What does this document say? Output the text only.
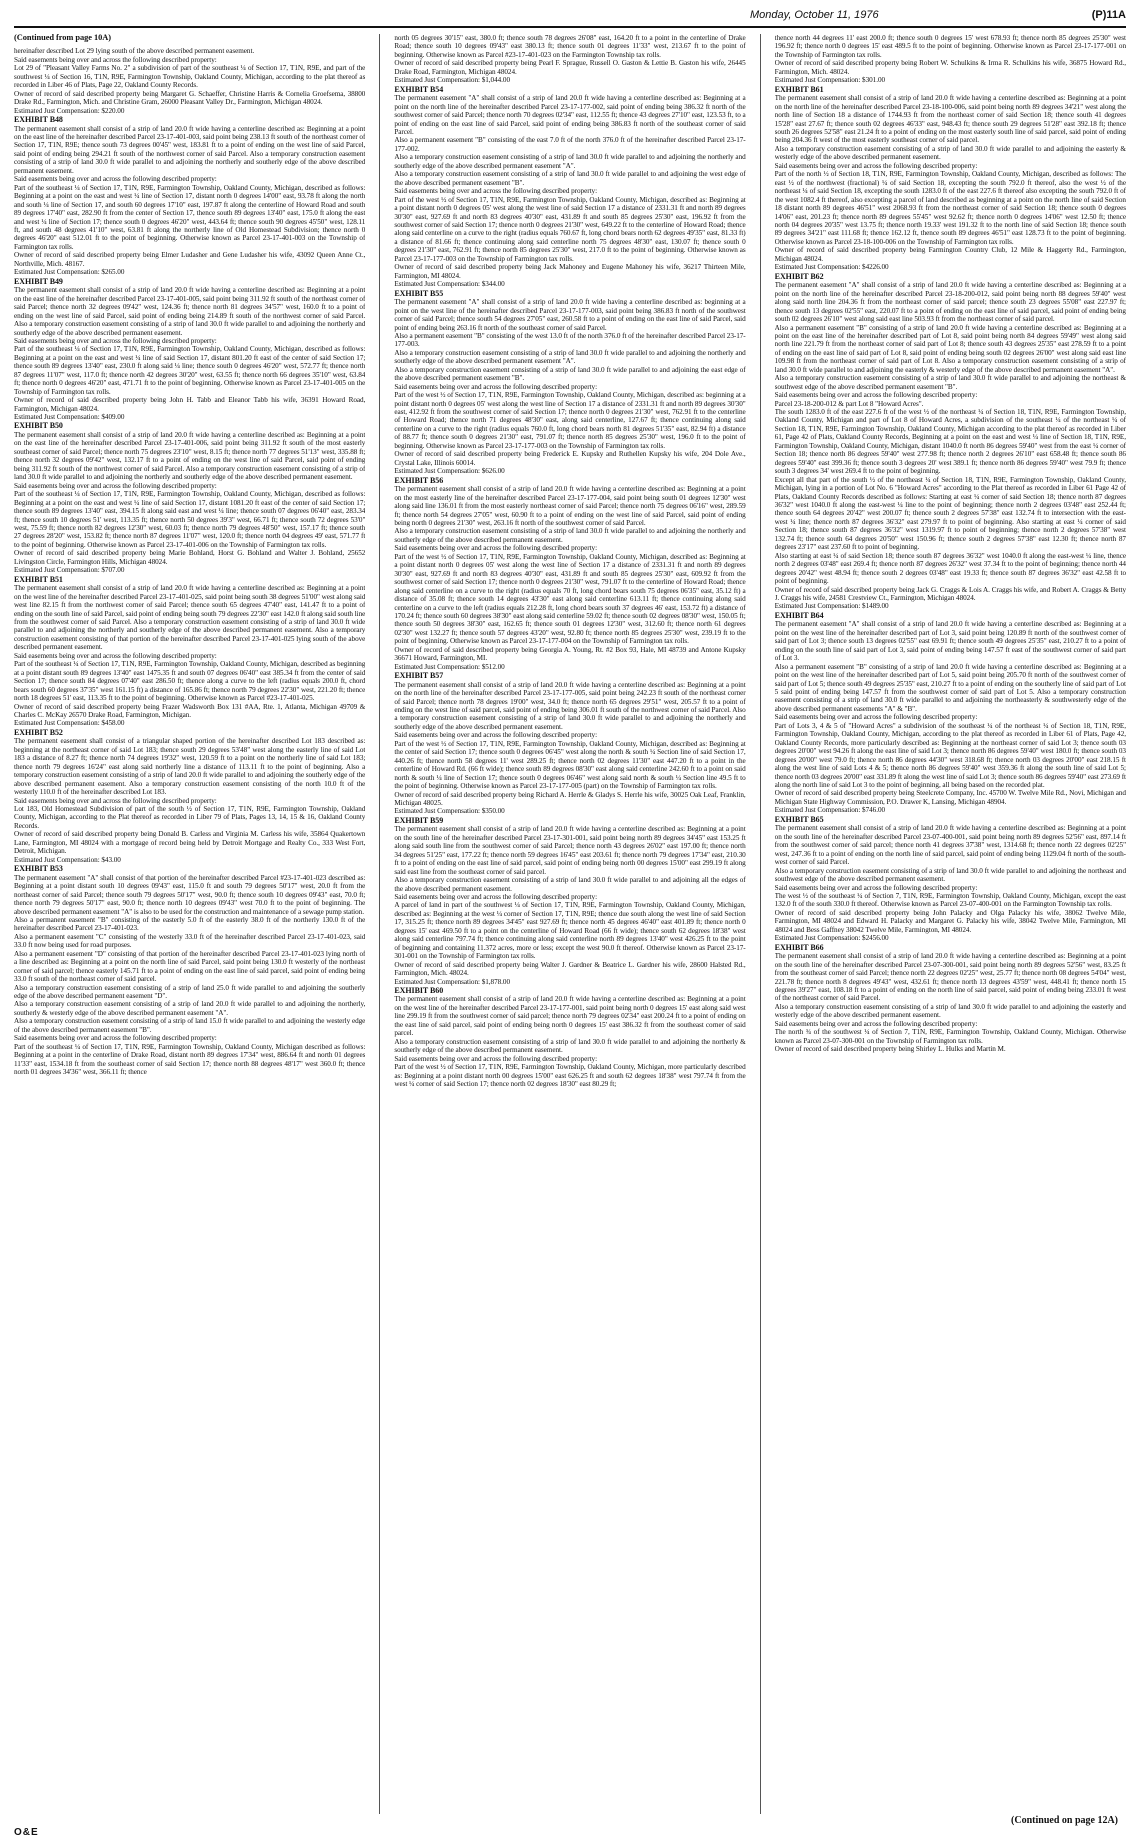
Monday, October 11, 1976	(P)11A

(Continued from page 10A)

hereinafter described Lot 29 lying south of the above described permanent easement.

Said easements being over and across the following described property:

Lot 29 of "Pleasant Valley Farms No. 2" a subdivision of part of the southeast ¼ of Section 17, T1N, R9E, and part of the southwest ¼ of Section 16, T1N, R9E, Farmington Township, Oakland County, Michigan, according to the plat thereof as recorded in Liber 46 of Plats, Page 22, Oakland County Records.

Owner of record of said described property being Margaret G. Schaeffer, Christine Harris & Cornelia Groefsema, 38800 Drake Rd., Farmington, Mich. and Christine Gram, 26000 Pleasant Valley Dr., Farmington, Michigan 48024.

Estimated Just Compensation: $220.00

EXHIBIT B48

The permanent easement shall consist of a strip of land 20.0 ft wide having a centerline described as: Beginning at a point on the east line of the hereinafter described Parcel 23-17-401-003, said point being 238.13 ft south of the northeast corner of Section 17, T1N, R9E; thence south 73 degrees 00'45" west, 183.81 ft to a point of ending on the west line of said Parcel, said point of ending being 294.21 ft south of the northwest corner of said Parcel. Also a temporary construction easement consisting of a strip of land 30.0 ft wide parallel to and adjoining the northerly and southerly edge of the above described permanent easement.

Said easements being over and across the following described property:

Part of the southeast ¼ of Section 17, T1N, R9E, Farmington Township, Oakland County, Michigan, described as follows: Beginning at a point on the east and west ¼ line of Section 17, distant north 0 degrees 14'00" east, 93.78 ft along the north and south ¼ line of Section 17, and south 60 degrees 17'10" east, 197.87 ft along the centerline of Howard Road and south 89 degrees 17'40" east, 282.90 ft from the center of Section 17, thence south 89 degrees 13'40" east, 175.0 ft along the east and west ¼ line of Section 17; thence south 0 degrees 46'20" west, 443.64 ft; thence south 90 degrees 45'50" west, 128.11 ft, and south 48 degrees 41'10" west, 63.81 ft along the northerly line of Old Homestead Subdivision; thence north 0 degrees 46'20" east 512.01 ft to the point of beginning. Otherwise known as Parcel 23-17-401-003 on the Township of Farmington tax rolls.

Owner of record of said described property being Elmer Ludasher and Gene Ludasher his wife, 43092 Queen Anne Ct., Northville, Mich. 48167.

Estimated Just Compensation: $265.00

EXHIBIT B49

The permanent easement shall consist of a strip of land 20.0 ft wide having a centerline described as: Beginning at a point on the east line of the hereinafter described Parcel 23-17-401-005, said point being 311.92 ft south of the northeast corner of said Parcel; thence north 32 degrees 09'42" west, 124.36 ft; thence north 81 degrees 34'57" west, 160.0 ft to a point of ending on the west line of said Parcel, said point of ending being 214.89 ft south of the northwest corner of said Parcel. Also a temporary construction easement consisting of a strip of land 30.0 ft wide parallel to and adjoining the northerly and southerly edge of the above described permanent easement.

Said easements being over and across the following described property:

Part of the southeast ¼ of Section 17, T1N, R9E, Farmington Township, Oakland County, Michigan, described as follows: Beginning at a point on the east and west ¼ line of said Section 17, distant 801.20 ft east of the center of said Section 17; thence south 89 degrees 13'40" east, 230.0 ft along said ¼ line; thence south 0 degrees 46'20" west, 572.77 ft; thence north 87 degrees 11'07" west, 117.0 ft; thence north 42 degrees 30'20" west, 63.55 ft; thence north 66 degrees 35'10" west, 63.84 ft; thence north 0 degrees 46'20" east, 471.71 ft to the point of beginning. Otherwise known as Parcel 23-17-401-005 on the Township of Farmington tax rolls.

Owner of record of said described property being John H. Tabb and Eleanor Tabb his wife, 36391 Howard Road, Farmington, Michigan 48024.

Estimated Just Compensation: $409.00

EXHIBIT B50

The permanent easement shall consist of a strip of land 20.0 ft wide having a centerline described as: Beginning at a point on the east line of the hereinafter described Parcel 23-17-401-006, said point being 311.92 ft south of the most easterly southeast corner of said Parcel; thence north 75 degrees 23'10" west, 8.15 ft; thence north 77 degrees 51'13" west, 335.88 ft; thence north 32 degrees 09'42" west, 132.17 ft to a point of ending on the west line of said Parcel, said point of ending being 311.92 ft south of the northwest corner of said Parcel. Also a temporary construction easement consisting of a strip of land 30.0 ft wide parallel to and adjoining the northerly and southerly edge of the above described permanent easement.

Said easements being over and across the following described property:

Part of the southeast ¼ of Section 17, T1N, R9E, Farmington Township, Oakland County, Michigan, described as follows: Beginning at a point on the east and west ¼ line of said Section 17, distant 1081.20 ft east of the center of said Section 17; thence south 89 degrees 13'40" east, 394.15 ft along said east and west ¼ line; thence south 07 degrees 06'40" east, 283.34 ft; thence south 10 degrees 51' west, 113.35 ft; thence north 50 degrees 39'3" west, 66.71 ft; thence south 72 degrees 53'0" west, 75.59 ft; thence north 82 degrees 12'30" west, 60.03 ft; thence north 79 degrees 48'50" west, 157.17 ft; thence south 27 degrees 28'20" west, 153.82 ft; thence north 87 degrees 11'07" west, 120.0 ft; thence north 04 degrees 49' east, 571.77 ft to the point of beginning. Otherwise known as Parcel 23-17-401-006 on the Township of Farmington tax rolls.

Owner of record of said described property being Marie Bohland, Horst G. Bohland and Walter J. Bohland, 25652 Livingston Circle, Farmington Hills, Michigan 48024.

Estimated Just Compensation: $707.00

EXHIBIT B51

The permanent easement shall consist of a strip of land 20.0 ft wide having a centerline described as: Beginning at a point on the west line of the hereinafter described Parcel 23-17-401-025, said point being south 38 degrees 51'00" west along said west line 82.15 ft from the northwest corner of said Parcel; thence south 65 degrees 47'40" east, 141.47 ft to a point of ending on the south line of said Parcel, said point of ending being south 79 degrees 22'30" east 142.0 ft along said south line from the southwest corner of said Parcel. Also a temporary construction easement consisting of a strip of land 30.0 ft wide parallel to and adjoining the northerly and southerly edge of the above described permanent easement. Also a temporary construction easement consisting of that portion of the hereinafter described Parcel 23-17-401-025 lying south of the above described permanent easement.

Said easements being over and across the following described property:

Part of the southeast ¼ of Section 17, T1N, R9E, Farmington Township, Oakland County, Michigan, described as beginning at a point distant south 89 degrees 13'40" east 1475.35 ft and south 07 degrees 06'40" east 385.34 ft from the center of said Section 17; thence south 84 degrees 07'40" east 286.50 ft; thence along a curve to the left (radius equals 200.0 ft, chord bears south 60 degrees 37'35" west 161.15 ft) a distance of 165.86 ft; thence north 79 degrees 22'30" west, 221.20 ft; thence north 18 degrees 51' east, 113.35 ft to the point of beginning. Otherwise known as Parcel #23-17-401-025.

Owner of record of said described property being Frazer Wadsworth Box 131 #AA, Rte. 1, Atlanta, Michigan 49709 & Charles C. McKay 26570 Drake Road, Farmington, Michigan.

Estimated Just Compensation: $458.00

EXHIBIT B52

The permanent easement shall consist of a triangular shaped portion of the hereinafter described Lot 183 described as: beginning at the northeast corner of said Lot 183; thence south 29 degrees 53'48" west along the easterly line of said Lot 183 a distance of 8.27 ft; thence north 74 degrees 19'32" west, 120.59 ft to a point on the northerly line of said Lot 183; thence north 79 degrees 16'24" east along said northerly line a distance of 113.11 ft to the point of beginning. Also a temporary construction easement consisting of a strip of land 20.0 ft wide parallel to and adjoining the southerly edge of the above described permanent easement. Also a temporary construction easement consisting of the north 10.0 ft of the westerly 110.0 ft of the hereinafter described Lot 183.

Said easements being over and across the following described property:

Lot 183, Old Homestead Subdivision of part of the south ½ of Section 17, T1N, R9E, Farmington Township, Oakland County, Michigan, according to the Plat thereof as recorded in Liber 79 of Plats, Pages 13, 14, 15 & 16, Oakland County Records.

Owner of record of said described property being Donald B. Carless and Virginia M. Carless his wife, 35864 Quakertown Lane, Farmington, MI 48024 with a mortgage of record being held by Detroit Mortgage and Realty Co., 333 West Fort, Detroit, Michigan.

Estimated Just Compensation: $43.00

EXHIBIT B53

The permanent easement "A" shall consist of that portion of the hereinafter described Parcel #23-17-401-023 described as: Beginning at a point distant south 10 degrees 09'43" east, 115.0 ft and south 79 degrees 50'17" west, 20.0 ft from the northeast corner of said Parcel; thence south 79 degrees 50'17" west, 90.0 ft; thence south 10 degrees 09'43" east, 70.0 ft; thence north 79 degrees 50'17" east, 90.0 ft; thence north 10 degrees 09'43" west 70.0 ft to the point of beginning. The above described permanent easement "A" is also to be used for the construction and maintenance of a sewage pump station.

Also a permanent easement "B" consisting of the easterly 5.0 ft of the easterly 38.0 ft of the northerly 130.0 ft of the hereinafter described Parcel 23-17-401-023.

Also a permanent easement "C" consisting of the westerly 33.0 ft of the hereinafter described Parcel 23-17-401-023, said 33.0 ft now being used for road purposes.

Also a permanent easement "D" consisting of that portion of the hereinafter described Parcel 23-17-401-023 lying north of a line described as: Beginning at a point on the north line of said Parcel, said point being 130.0 ft westerly of the northeast corner of said parcel; thence easterly 145.71 ft to a point of ending on the east line of said parcel, said point of ending being 33.0 ft south of the northeast corner of said parcel.

Also a temporary construction easement consisting of a strip of land 25.0 ft wide parallel to and adjoining the southerly edge of the above described permanent easement "D".

Also a temporary construction easement consisting of a strip of land 20.0 ft wide parallel to and adjoining the northerly, southerly & westerly edge of the above described permanent easement "A".

Also a temporary construction easement consisting of a strip of land 15.0 ft wide parallel to and adjoining the westerly edge of the above described permanent easement "B".

Said easements being over and across the following described property:

Part of the southeast ¼ of Section 17, T1N, R9E, Farmington Township, Oakland County, Michigan described as follows: Beginning at a point in the centerline of Drake Road, distant north 89 degrees 17'34" west, 886.64 ft and north 01 degrees 11'33" east, 1534.18 ft from the southeast corner of said Section 17; thence north 88 degrees 48'17" west 360.0 ft; thence north 01 degrees 34'36" west, 366.11 ft; thence

north 05 degrees 30'15" east, 380.0 ft; thence south 78 degrees 26'08" east, 164.20 ft to a point in the centerline of Drake Road; thence south 10 degrees 09'43" east 380.13 ft; thence south 01 degrees 11'33" west, 213.67 ft to the point of beginning. Otherwise known as Parcel #23-17-401-023 on the Farmington Township tax rolls.

Owner of record of said described property being Pearl F. Sprague, Russell O. Gaston & Lettie B. Gaston his wife, 26445 Drake Road, Farmington, Michigan 48024.

Estimated Just Compensation: $1,044.00

EXHIBIT B54

The permanent easement "A" shall consist of a strip of land 20.0 ft wide having a centerline described as: Beginning at a point on the north line of the hereinafter described Parcel 23-17-177-002, said point of ending being 386.32 ft north of the southwest corner of said Parcel; thence north 70 degrees 02'34" east, 112.55 ft; thence 43 degrees 27'10" east, 123.53 ft, to a point of ending on the east line of said Parcel, said point of ending being 386.83 ft north of the southeast corner of said Parcel.

Also a permanent easement "B" consisting of the east 7.0 ft of the north 376.0 ft of the hereinafter described Parcel 23-17-177-002.

Also a temporary construction easement consisting of a strip of land 30.0 ft wide parallel to and adjoining the northerly and southerly edge of the above described permanent easement "A".

Also a temporary construction easement consisting of a strip of land 30.0 ft wide parallel to and adjoining the west edge of the above described permanent easement "B".

Said easements being over and across the following described property:

Part of the west ½ of Section 17, T1N, R9E, Farmington Township, Oakland County, Michigan, described as: Beginning at a point distant north 0 degrees 05' west along the west line of said Section 17 a distance of 2331.31 ft and north 89 degrees 30'30" east, 927.69 ft and north 83 degrees 40'30" east, 431.89 ft and south 85 degrees 25'30" east, 196.92 ft from the southwest corner of said Section 17; thence north 0 degrees 21'30" west, 649.22 ft to the centerline of Howard Road; thence along said centerline on a curve to the right (radius equals 760.67 ft, long chord bears north 62 degrees 49'35" east, 81.33 ft) a distance of 81.66 ft; thence continuing along said centerline north 75 degrees 48'30" east, 130.07 ft; thence south 0 degrees 21'30" east, 762.91 ft; thence north 85 degrees 25'30" west, 217.0 ft to the point of beginning. Otherwise known as Parcel 23-17-177-003 on the Township of Farmington tax rolls.

Owner of record of said described property being Jack Mahoney and Eugene Mahoney his wife, 36217 Thirteen Mile, Farmington, MI 48024.

Estimated Just Compensation: $344.00

EXHIBIT B55

The permanent easement "A" shall consist of a strip of land 20.0 ft wide having a centerline described as: beginning at a point on the west line of the hereinafter described Parcel 23-17-177-003, said point being 386.83 ft north of the southwest corner of said Parcel; thence south 54 degrees 27'05" east, 260.58 ft to a point of ending on the east line of said Parcel, said point of ending being 263.16 ft north of the southeast corner of said Parcel.

Also a permanent easement "B" consisting of the west 13.0 ft of the north 376.0 ft of the hereinafter described Parcel 23-17-177-003.

Also a temporary construction easement consisting of a strip of land 30.0 ft wide parallel to and adjoining the northerly and southerly edge of the above described permanent easement "A".

Also a temporary construction easement consisting of a strip of land 30.0 ft wide parallel to and adjoining the east edge of the above described permanent easement "B".

Said easements being over and across the following described property:

Part of the west ½ of Section 17, T1N, R9E, Farmington Township, Oakland County, Michigan, described as: beginning at a point distant north 0 degrees 05' west along the west line of Section 17 a distance of 2331.31 ft and north 89 degrees 30'30" east, 412.92 ft from the southwest corner of said Section 17; thence north 0 degrees 21'30" west, 762.91 ft to the centerline of Howard Road; thence north 71 degrees 48'30" east, along said centerline, 127.67 ft; thence continuing along said centerline on a curve to the right (radius equals 760.0 ft, long chord bears north 81 degrees 51'35" east, 82.94 ft) a distance of 88.77 ft; thence south 0 degrees 21'30" east, 791.07 ft; thence north 85 degrees 25'30" west, 196.0 ft to the point of beginning. Otherwise known as Parcel 23-17-177-003 on the Township of Farmington tax rolls.

Owner of record of said described property being Frederick E. Kupsky and Ruthellen Kupsky his wife, 204 Dole Ave., Crystal Lake, Illinois 60014.

Estimated Just Compensation: $626.00

EXHIBIT B56

The permanent easement shall consist of a strip of land 20.0 ft wide having a centerline described as: Beginning at a point on the most easterly line of the hereinafter described Parcel 23-17-177-004, said point being south 01 degrees 12'30" west along said line 136.01 ft from the most easterly northeast corner of said Parcel; thence north 75 degrees 06'16" west, 289.59 ft; thence north 54 degrees 27'05" west, 60.90 ft to a point of ending on the west line of said Parcel, said point of ending being north 0 degrees 21'30" west, 263.16 ft north of the southwest corner of said Parcel.

Also a temporary construction easement consisting of a strip of land 30.0 ft wide parallel to and adjoining the northerly and southerly edge of the above described permanent easement.

Said easements being over and across the following described property:

Part of the west ½ of Section 17, T1N, R9E, Farmington Township, Oakland County, Michigan, described as: Beginning at a point distant north 0 degrees 05' west along the west line of Section 17 a distance of 2331.31 ft and north 89 degrees 30'30" east, 927.69 ft and north 83 degrees 40'30" east, 431.89 ft and south 85 degrees 25'30" east, 609.92 ft from the southwest corner of said Section 17; thence north 0 degrees 21'30" west, 791.07 ft to the centerline of Howard Road; thence along said centerline on a curve to the right (radius equals 70 ft, long chord bears south 75 degrees 06'35" east, 35.12 ft) a distance of 35.08 ft; thence south 14 degrees 43'30" east along said centerline 613.11 ft; thence continuing along said centerline on a curve to the left (radius equals 212.28 ft, long chord bears south 37 degrees 46' east, 153.72 ft) a distance of 170.24 ft; thence south 60 degrees 38'30" east along said centerline 59.02 ft; thence south 02 degrees 08'30" west, 150.05 ft; thence south 50 degrees 38'30" east, 162.65 ft; thence south 01 degrees 12'30" west, 312.60 ft; thence north 61 degrees 02'30" west 132.27 ft; thence south 57 degrees 43'20" west, 92.80 ft; thence north 85 degrees 25'30" west, 239.19 ft to the point of beginning. Otherwise known as Parcel 23-17-177-004 on the Township of Farmington tax rolls.

Owner of record of said described property being Georgia A. Young, Rt. #2 Box 93, Hale, MI 48739 and Antone Kupsky 36671 Howard, Farmington, MI.

Estimated Just Compensation: $512.00

EXHIBIT B57

The permanent easement shall consist of a strip of land 20.0 ft wide having a centerline described as: Beginning at a point on the north line of the hereinafter described Parcel 23-17-177-005, said point being 242.23 ft south of the northeast corner of said Parcel; thence north 78 degrees 19'00" west, 34.0 ft; thence north 65 degrees 29'51" west, 205.57 ft to a point of ending on the west line of said parcel, said point of ending being 306.01 ft south of the northwest corner of said Parcel. Also a temporary construction easement consisting of a strip of land 30.0 ft wide parallel to and adjoining the northerly and southerly edge of the above described permanent easement.

Said easements being over and across the following described property:

Part of the west ½ of Section 17, T1N, R9E, Farmington Township, Oakland County, Michigan, described as: Beginning at the center of said Section 17; thence south 0 degrees 06'45" west along the north & south ¼ Section line of said Section 17, 440.26 ft; thence north 58 degrees 11' west 289.25 ft; thence north 02 degrees 11'30" east 447.20 ft to a point in the centerline of Howard Rd. (66 ft wide); thence south 89 degrees 08'30" east along said centerline 242.60 ft to a point on said north & south ¼ line of Section 17; thence south 0 degrees 06'46" west along said north & south ¼ Section line 49.5 ft to the point of beginning. Otherwise known as Parcel 23-17-177-005 (part) on the Township of Farmington tax rolls.

Owner of record of said described property being Richard A. Herrle & Gladys S. Herrle his wife, 30025 Oak Leaf, Franklin, Michigan 48025.

Estimated Just Compensation: $350.00

EXHIBIT B59

The permanent easement shall consist of a strip of land 20.0 ft wide having a centerline described as: Beginning at a point on the south line of the hereinafter described Parcel 23-17-301-001, said point being north 89 degrees 34'45" east 153.25 ft along said south line from the southwest corner of said Parcel; thence north 43 degrees 26'02" east 197.00 ft; thence north 34 degrees 51'25" east, 177.22 ft; thence north 59 degrees 16'45" east 203.61 ft; thence north 79 degrees 17'34" east, 210.30 ft to a point of ending on the east line of said parcel, said point of ending being north 00 degrees 15'00" east 299.19 ft along said east line from the southeast corner of said parcel.

Also a temporary construction easement consisting of a strip of land 30.0 ft wide parallel to and adjoining all the edges of the above described permanent easement.

Said easements being over and across the following described property:

A parcel of land in part of the southwest ¼ of Section 17, T1N, R9E, Farmington Township, Oakland County, Michigan, described as: Beginning at the west ¼ corner of Section 17, T1N, R9E; thence due south along the west line of said Section 17, 315.25 ft; thence north 89 degrees 34'45" east 927.69 ft; thence north 45 degrees 46'40" east 401.89 ft; thence north 0 degrees 15' east 469.50 ft to a point on the centerline of Howard Road (66 ft wide); thence south 62 degrees 18'38" west along said centerline 797.74 ft; thence continuing along said centerline north 89 degrees 13'40" west 426.25 ft to the point of beginning and containing 11.372 acres, more or less; except the west 90.0 ft thereof. Otherwise known as Parcel 23-17-301-001 on the Township of Farmington tax rolls.

Owner of record of said described property being Walter J. Gardner & Beatrice L. Gardner his wife, 28600 Halsted Rd., Farmington, Mich. 48024.

Estimated Just Compensation: $1,878.00

EXHIBIT B60

The permanent easement shall consist of a strip of land 20.0 ft wide having a centerline described as: Beginning at a point on the west line of the hereinafter described Parcel 23-17-177-001, said point being north 0 degrees 15' east along said west line 299.19 ft from the southwest corner of said parcel; thence north 79 degrees 02'34" east 200.24 ft to a point of ending on the east line of said parcel, said point of ending being north 0 degrees 15' east 386.32 ft from the southeast corner of said parcel.

Also a temporary construction easement consisting of a strip of land 30.0 ft wide parallel to and adjoining the northerly & southerly edge of the above described permanent easement.

Said easements being over and across the following described property:

Part of the west ½ of Section 17, T1N, R9E, Farmington Township, Oakland County, Michigan, more particularly described as: Beginning at a point distant north 00 degrees 15'00" east 626.25 ft and south 62 degrees 18'38" west 797.74 ft from the west ¼ corner of said Section 17; thence north 02 degrees 18'30" east 80.29 ft;

thence north 44 degrees 11' east 200.0 ft; thence south 0 degrees 15' west 678.93 ft; thence north 85 degrees 25'30" west 196.92 ft; thence north 0 degrees 15' east 489.5 ft to the point of beginning. Otherwise known as Parcel 23-17-177-001 on the Township of Farmington tax rolls.

Owner of record of said described property being Robert W. Schulkins & Irma R. Schulkins his wife, 36875 Howard Rd., Farmington, Mich. 48024.

Estimated Just Compensation: $301.00

EXHIBIT B61

The permanent easement shall consist of a strip of land 20.0 ft wide having a centerline described as: Beginning at a point on the north line of the hereinafter described Parcel 23-18-100-006, said point being north 89 degrees 34'21" west along the north line of Section 18 a distance of 1744.93 ft from the northeast corner of said Section 18; thence south 41 degrees 15'28" east 27.67 ft; thence south 02 degrees 46'33" east, 948.43 ft; thence south 29 degrees 51'28" east 392.18 ft; thence south 26 degrees 52'58" east 21.24 ft to a point of ending on the most easterly south line of said parcel, said point of ending being 204.36 ft west of the most easterly southeast corner of said parcel.

Also a temporary construction easement consisting of a strip of land 30.0 ft wide parallel to and adjoining the easterly & westerly edge of the above described permanent easement.

Said easements being over and across the following described property:

Part of the north ½ of Section 18, T1N, R9E, Farmington Township, Oakland County, Michigan, described as follows: The east ½ of the northwest (fractional) ¼ of said Section 18, excepting the south 792.0 ft thereof, also the west ½ of the northeast ¼ of said Section 18, excepting the south 1283.0 ft of the east 227.6 ft thereof also excepting the south 792.0 ft of the west 1082.4 ft thereof, also excepting a parcel of land described as beginning at a point on the north line of said Section 18 distant north 89 degrees 46'51" west 2068.93 ft from the northeast corner of said Section 18; thence south 0 degrees 14'06" east, 201.23 ft; thence north 89 degrees 55'45" west 92.62 ft; thence north 0 degrees 14'06" west 12.50 ft; thence north 04 degrees 20'35" west 13.75 ft; thence north 19.33' west 191.32 ft to the north line of said Section 18; thence south 89 degrees 34'21" east 111.68 ft; thence 162.12 ft, thence south 89 degrees 46'51" east 128.73 ft to the point of beginning. Otherwise known as Parcel 23-18-100-006 on the Township of Farmington tax rolls.

Owner of record of said described property being Farmington Country Club, 12 Mile & Haggerty Rd., Farmington, Michigan 48024.

Estimated Just Compensation: $4226.00

EXHIBIT B62

The permanent easement "A" shall consist of a strip of land 20.0 ft wide having a centerline described as: Beginning at a point on the north line of the hereinafter described Parcel 23-18-200-012, said point being north 88 degrees 59'40" west along said north line 204.36 ft from the northeast corner of said parcel; thence south 23 degrees 55'08" east 227.97 ft; thence south 13 degrees 02'55" east, 220.07 ft to a point of ending on the east line of said parcel, said point of ending being south 02 degrees 26'10" west along said east line 503.93 ft from the northeast corner of said parcel.

Also a permanent easement "B" consisting of a strip of land 20.0 ft wide having a centerline described as: Beginning at a point on the east line of the hereinafter described part of Lot 8, said point being north 84 degrees 59'49" west along said north line 221.79 ft from the northeast corner of said part of Lot 8; thence south 43 degrees 25'35" east 278.59 ft to a point of ending on the east line of said part of Lot 8, said point of ending being south 02 degrees 26'00" west along said east line 109.98 ft from the northeast corner of said part of Lot 8. Also a temporary construction easement consisting of a strip of land 30.0 ft wide parallel to and adjoining the easterly & westerly edge of the above described permanent easement "A".

Also a temporary construction easement consisting of a strip of land 30.0 ft wide parallel to and adjoining the northeast & southwest edge of the above described permanent easement "B".

Said easements being over and across the following described property:

Parcel 23-18-200-012 & part Lot 8 "Howard Acres".

The south 1283.0 ft of the east 227.6 ft of the west ½ of the northeast ¼ of Section 18, T1N, R9E, Farmington Township, Oakland County, Michigan and part of Lot 8 of Howard Acres, a subdivision of the southeast ¼ of the northeast ¼ of Section 18, T1N, R9E, Farmington Township, Oakland County, Michigan according to the plat thereof as recorded in Liber 61, Page 42 of Plats, Oakland County Records, Beginning at a point on the east and west ¼ line of Section 18, T1N, R9E, Farmington Township, Oakland County, Michigan, distant 1040.0 ft north 86 degrees 59'40" west from the east ¼ corner of Section 18; thence north 86 degrees 59'40" west 277.98 ft; thence north 2 degrees 26'10" east 658.48 ft; thence south 86 degrees 59'40" east 399.36 ft; thence south 3 degrees 20' west 389.1 ft; thence north 86 degrees 59'40" west 79.9 ft; thence south 3 degrees 34' west 269.4 ft to the point of beginning.

Except all that part of the south ½ of the northeast ¼ of Section 18, T1N, R9E, Farmington Township, Oakland County, Michigan, lying in a portion of Lot No. 6 "Howard Acres" according to the Plat thereof as recorded in Liber 61 Page 42 of Plats, Oakland County Records described as follows: Starting at east ¼ corner of said Section 18; thence north 87 degrees 36'32" west 1040.0 ft along the east-west ¼ line to the point of beginning; thence north 2 degrees 03'48" east 252.44 ft; thence south 64 degrees 20'42" west 200.07 ft; thence south 2 degrees 57'38" east 132.74 ft to intersection with the east-west ¼ line; thence north 87 degrees 36'32" east 279.97 ft to point of beginning. Also starting at east ¼ corner of said Section 18; thence south 87 degrees 36'32" west 1319.97 ft to point of beginning; thence north 2 degrees 57'38" west 132.74 ft; thence south 64 degrees 20'50" west 150.96 ft; thence south 2 degrees 57'38" east 12.30 ft; thence north 87 degrees 23'17" east 237.60 ft to point of beginning.

Also starting at east ¼ of said Section 18; thence south 87 degrees 36'32" west 1040.0 ft along the east-west ¼ line, thence north 2 degrees 03'48" east 269.4 ft; thence north 87 degrees 26'32" west 37.34 ft to the point of beginning; thence north 44 degrees 20'42" west 48.94 ft; thence south 2 degrees 03'48" east 19.33 ft; thence south 87 degrees 36'32" east 42.58 ft to point of beginning.

Owner of record of said described property being Jack G. Craggs & Lois A. Craggs his wife, and Robert A. Craggs & Betty J. Craggs his wife, 24581 Crestview Ct., Farmington, Michigan 48024.

Estimated Just Compensation: $1489.00

EXHIBIT B64

The permanent easement "A" shall consist of a strip of land 20.0 ft wide having a centerline described as: Beginning at a point on the west line of the hereinafter described part of Lot 3, said point being 120.89 ft north of the southwest corner of said part of Lot 3; thence south 13 degrees 02'55" east 69.91 ft; thence south 49 degrees 25'35" east, 210.27 ft to a point of ending on the south line of said part of Lot 3, said point of ending being 147.57 ft east of the southwest corner of said part of Lot 3.

Also a permanent easement "B" consisting of a strip of land 20.0 ft wide having a centerline described as: Beginning at a point on the west line of the hereinafter described part of Lot 5, said point being 205.70 ft north of the southwest corner of said part of Lot 5; thence south 49 degrees 25'35" east, 210.27 ft to a point of ending on the southerly line of said part of Lot 5 said point of ending being 147.57 ft from the southwest corner of said part of Lot 5. Also a temporary construction easement consisting of a strip of land 30.0 ft wide parallel to and adjoining the northeasterly & southwesterly edge of the above described permanent easements "A" & "B".

Said easements being over and across the following described property:

Part of Lots 3, 4 & 5 of "Howard Acres" a subdivision of the southeast ¼ of the northeast ¼ of Section 18, T1N, R9E, Farmington Township, Oakland County, Michigan, according to the plat thereof as recorded in Liber 61 of Plats, Page 42, Oakland County Records, more particularly described as: Beginning at the northeast corner of said Lot 3; thence south 03 degrees 20'00" west 94.26 ft along the east line of said Lot 3; thence north 86 degrees 59'40" west 180.0 ft; thence south 03 degrees 20'00" west 79.0 ft; thence north 86 degrees 44'30" west 318.68 ft; thence north 03 degrees 20'00" east 218.15 ft along the west line of said Lots 4 & 5; thence north 86 degrees 59'40" west 359.36 ft along the south line of said Lot 5; thence north 03 degrees 20'00" east 331.89 ft along the west line of said Lot 3; thence south 86 degrees 59'40" east 273.69 ft along the north line of said Lot 3 to the point of beginning, all being based on the recorded plat.

Owner of record of said described property being Steelcrete Company, Inc. 45700 W. Twelve Mile Rd., Novi, Michigan and Michigan State Highway Commission, P.O. Drawer K, Lansing, Michigan 48904.

Estimated Just Compensation: $746.00

EXHIBIT B65

The permanent easement shall consist of a strip of land 20.0 ft wide having a centerline described as: Beginning at a point on the south line of the hereinafter described Parcel 23-07-400-001, said point being north 89 degrees 52'56" east, 897.14 ft from the southwest corner of said parcel; thence north 41 degrees 37'38" west, 1314.68 ft; thence north 22 degrees 02'25" west, 247.36 ft to a point of ending on the north line of said parcel, said point of ending being 1129.04 ft north of the south-west corner of said Parcel.

Also a temporary construction easement consisting of a strip of land 30.0 ft wide parallel to and adjoining the northeast and southwest edge of the above described permanent easement.

Said easements being over and across the following described property:

The west ½ of the southeast ¼ of Section 7, T1N, R9E, Farmington Township, Oakland County, Michigan, except the east 132.0 ft of the south 330.0 ft thereof. Otherwise known as Parcel 23-07-400-001 on the Farmington Township tax rolls.

Owner of record of said described property being John Palacky and Olga Palacky his wife, 38062 Twelve Mile, Farmington, MI 48024 and Edward H. Palacky and Margaret G. Palacky his wife, 38042 Twelve Mile, Farmington, MI 48024 and Bess Gaffney 38042 Twelve Mile, Farmington, MI 48024.

Estimated Just Compensation: $2456.00

EXHIBIT B66

The permanent easement shall consist of a strip of land 20.0 ft wide having a centerline described as: Beginning at a point on the south line of the hereinafter described Parcel 23-07-300-001, said point being north 89 degrees 52'56" west, 83.25 ft from the southeast corner of said Parcel; thence north 22 degrees 02'25" west, 25.77 ft; thence north 08 degrees 54'04" west, 221.78 ft; thence north 8 degrees 49'43" west, 432.61 ft; thence north 13 degrees 43'59" west, 448.41 ft; thence north 15 degrees 39'27" east, 108.18 ft to a point of ending on the north line of said parcel, said point of ending being 233.01 ft west of the northeast corner of said Parcel.

Also a temporary construction easement consisting of a strip of land 30.0 ft wide parallel to and adjoining the easterly and westerly edge of the above described permanent easement.

Said easements being over and across the following described property:

The north ¾ of the southwest ¼ of Section 7, T1N, R9E, Farmington Township, Oakland County, Michigan. Otherwise known as Parcel 23-07-300-001 on the Township of Farmington tax rolls.

Owner of record of said described property being Shirley L. Hulks and Martin M.

(Continued on page 12A)
O&E
